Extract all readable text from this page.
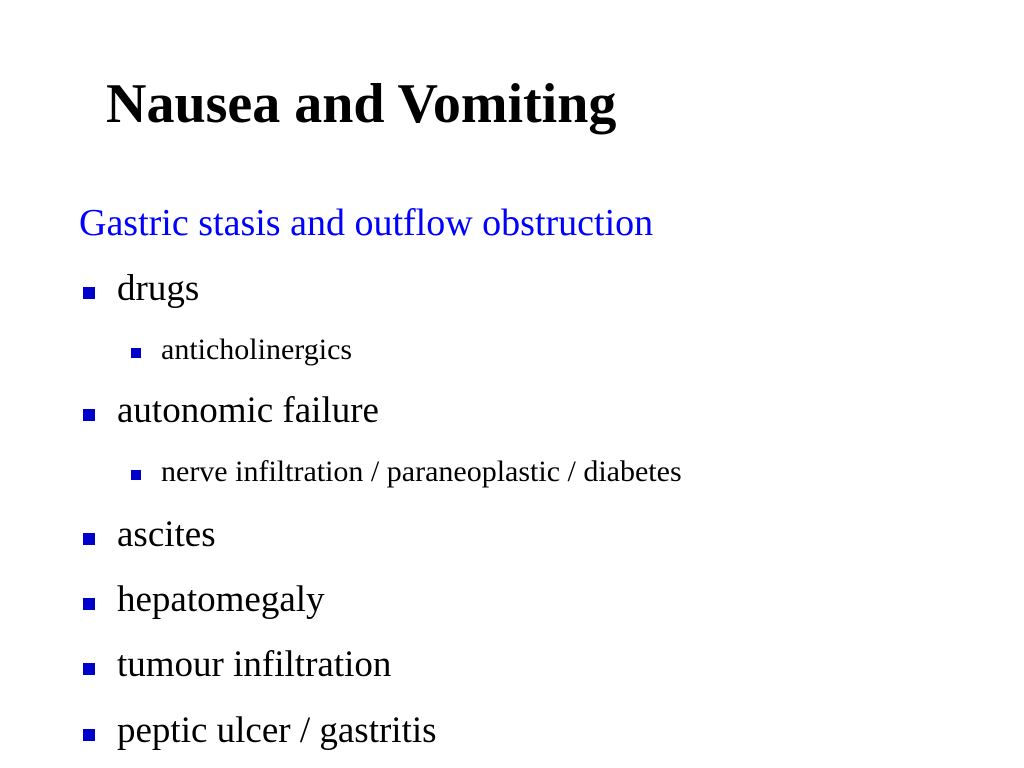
Nausea and Vomiting
Gastric stasis and outflow obstruction
drugs
anticholinergics
autonomic failure
nerve infiltration / paraneoplastic / diabetes
ascites
hepatomegaly
tumour infiltration
peptic ulcer / gastritis
